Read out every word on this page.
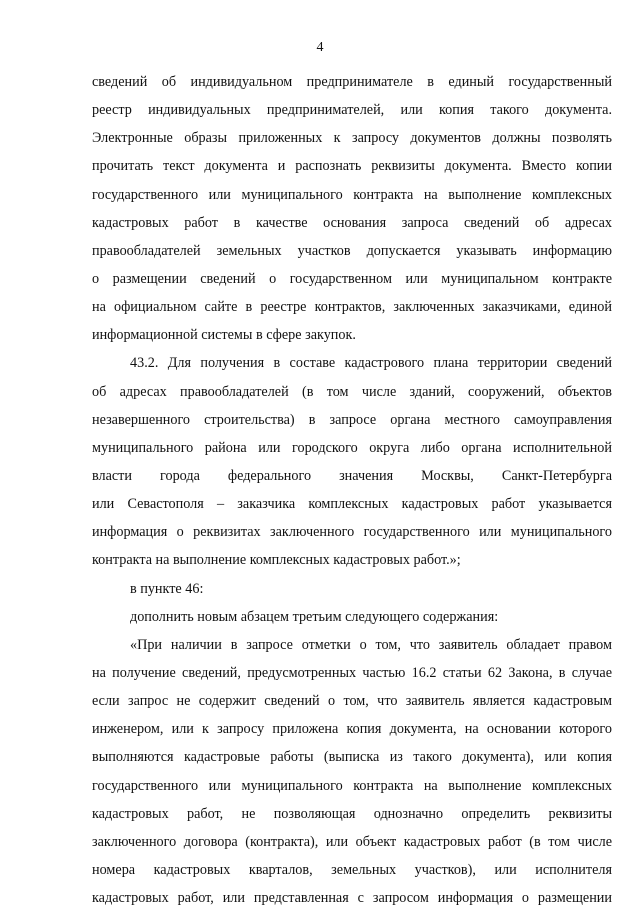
4
сведений об индивидуальном предпринимателе в единый государственный
реестр индивидуальных предпринимателей, или копия такого документа.
Электронные образы приложенных к запросу документов должны позволять
прочитать текст документа и распознать реквизиты документа. Вместо копии
государственного или муниципального контракта на выполнение комплексных
кадастровых работ в качестве основания запроса сведений об адресах
правообладателей земельных участков допускается указывать информацию
о размещении сведений о государственном или муниципальном контракте
на официальном сайте в реестре контрактов, заключенных заказчиками, единой
информационной системы в сфере закупок.
43.2. Для получения в составе кадастрового плана территории сведений
об адресах правообладателей (в том числе зданий, сооружений, объектов
незавершенного строительства) в запросе органа местного самоуправления
муниципального района или городского округа либо органа исполнительной
власти города федерального значения Москвы, Санкт-Петербурга
или Севастополя – заказчика комплексных кадастровых работ указывается
информация о реквизитах заключенного государственного или муниципального
контракта на выполнение комплексных кадастровых работ.»;
в пункте 46:
дополнить новым абзацем третьим следующего содержания:
«При наличии в запросе отметки о том, что заявитель обладает правом
на получение сведений, предусмотренных частью 16.2 статьи 62 Закона, в случае
если запрос не содержит сведений о том, что заявитель является кадастровым
инженером, или к запросу приложена копия документа, на основании которого
выполняются кадастровые работы (выписка из такого документа), или копия
государственного или муниципального контракта на выполнение комплексных
кадастровых работ, не позволяющая однозначно определить реквизиты
заключенного договора (контракта), или объект кадастровых работ (в том числе
номера кадастровых кварталов, земельных участков), или исполнителя
кадастровых работ, или представленная с запросом информация о размещении
